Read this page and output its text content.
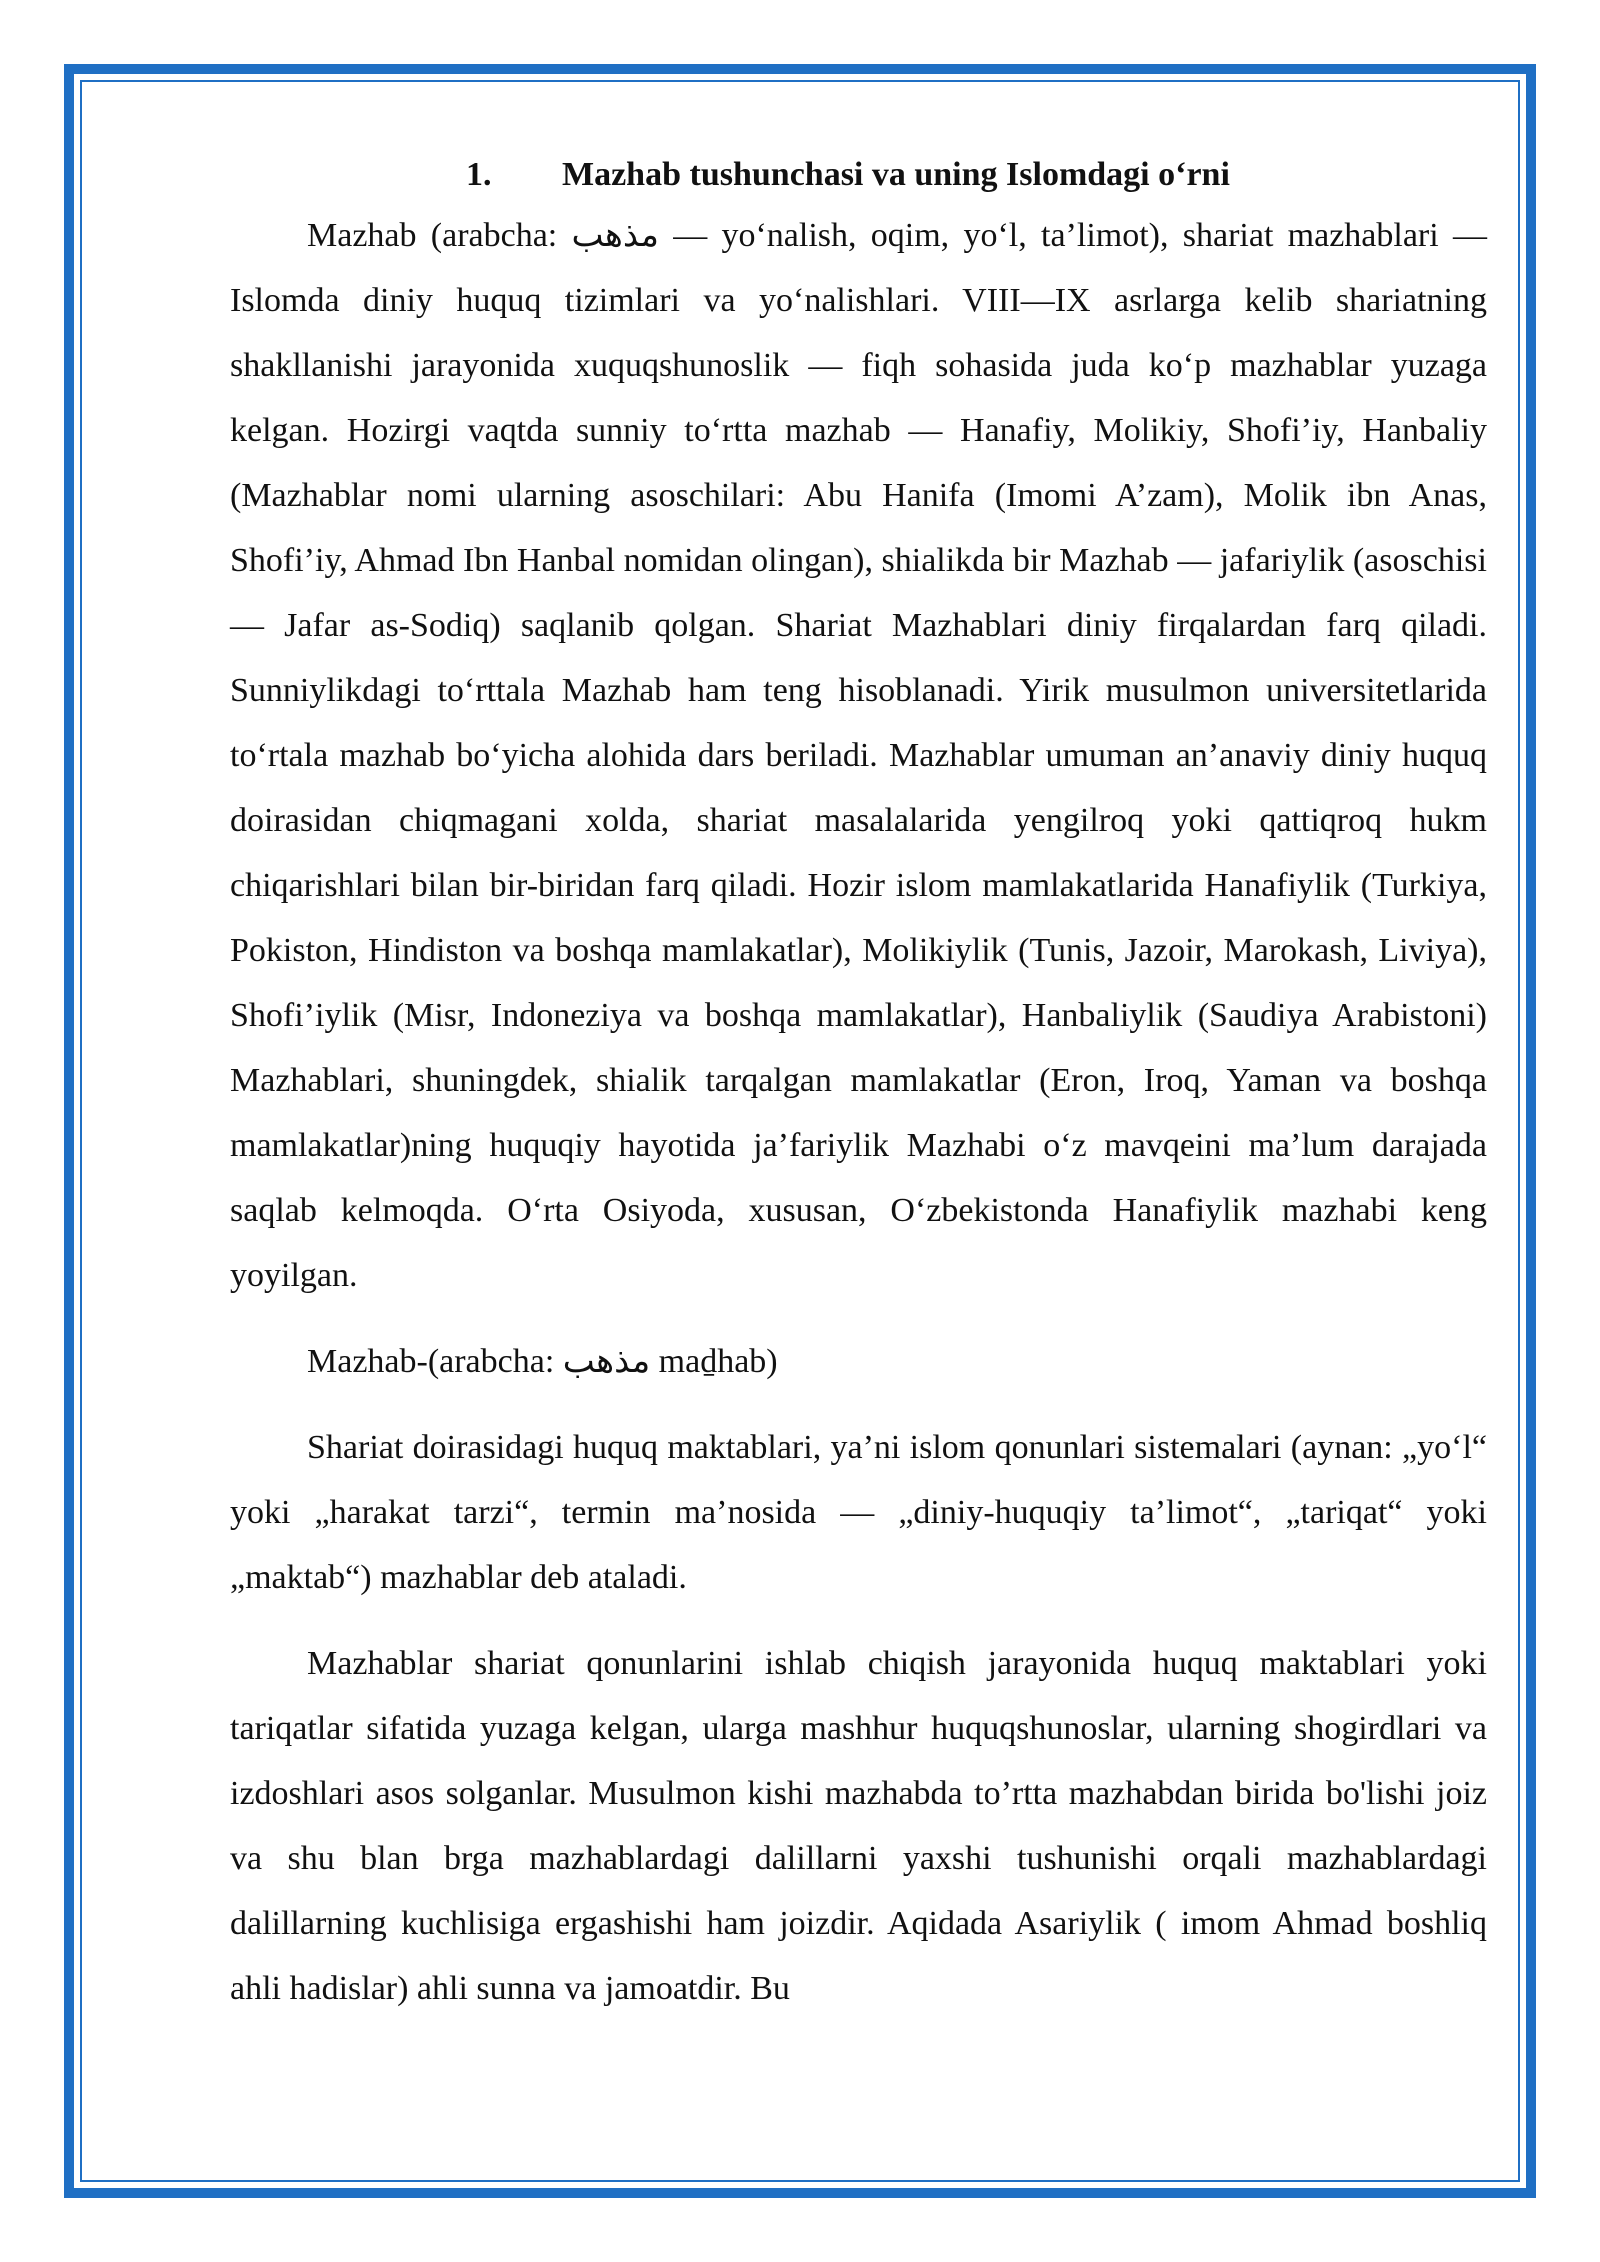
1. Mazhab tushunchasi va uning Islomdagi o‘rni

Mazhab (arabcha: مذهب — yo‘nalish, oqim, yo‘l, ta’limot), shariat mazhablari — Islomda diniy huquq tizimlari va yo‘nalishlari. VIII—IX asrlarga kelib shariatning shakllanishi jarayonida xuquqshunoslik — fiqh sohasida juda ko‘p mazhablar yuzaga kelgan. Hozirgi vaqtda sunniy to‘rtta mazhab — Hanafiy, Molikiy, Shofi’iy, Hanbaliy (Mazhablar nomi ularning asoschilari: Abu Hanifa (Imomi A’zam), Molik ibn Anas, Shofi’iy, Ahmad Ibn Hanbal nomidan olingan), shialikda bir Mazhab — jafariylik (asoschisi — Jafar as-Sodiq) saqlanib qolgan. Shariat Mazhablari diniy firqalardan farq qiladi. Sunniylikdagi to‘rttala Mazhab ham teng hisoblanadi. Yirik musulmon universitetlarida to‘rtala mazhab bo‘yicha alohida dars beriladi. Mazhablar umuman an’anaviy diniy huquq doirasidan chiqmagani xolda, shariat masalalarida yengilroq yoki qattiqroq hukm chiqarishlari bilan bir-biridan farq qiladi. Hozir islom mamlakatlarida Hanafiylik (Turkiya, Pokiston, Hindiston va boshqa mamlakatlar), Molikiylik (Tunis, Jazoir, Marokash, Liviya), Shofi’iylik (Misr, Indoneziya va boshqa mamlakatlar), Hanbaliylik (Saudiya Arabistoni) Mazhablari, shuningdek, shialik tarqalgan mamlakatlar (Eron, Iroq, Yaman va boshqa mamlakatlar)ning huquqiy hayotida ja’fariylik Mazhabi o‘z mavqeini ma’lum darajada saqlab kelmoqda. O‘rta Osiyoda, xususan, O‘zbekistonda Hanafiylik mazhabi keng yoyilgan.

Mazhab-(arabcha: مذهب maḏhab)

Shariat doirasidagi huquq maktablari, ya’ni islom qonunlari sistemalari (aynan: „yo‘l“ yoki „harakat tarzi“, termin ma’nosida — „diniy-huquqiy ta’limot“, „tariqat“ yoki „maktab“) mazhablar deb ataladi.

Mazhablar shariat qonunlarini ishlab chiqish jarayonida huquq maktablari yoki tariqatlar sifatida yuzaga kelgan, ularga mashhur huquqshunoslar, ularning shogirdlari va izdoshlari asos solganlar. Musulmon kishi mazhabda to’rtta mazhabdan birida bo'lishi joiz va shu blan brga mazhablardagi dalillarni yaxshi tushunishi orqali mazhablardagi dalillarning kuchlisiga ergashishi ham joizdir. Aqidada Asariylik ( imom Ahmad boshliq ahli hadislar) ahli sunna va jamoatdir. Bu
